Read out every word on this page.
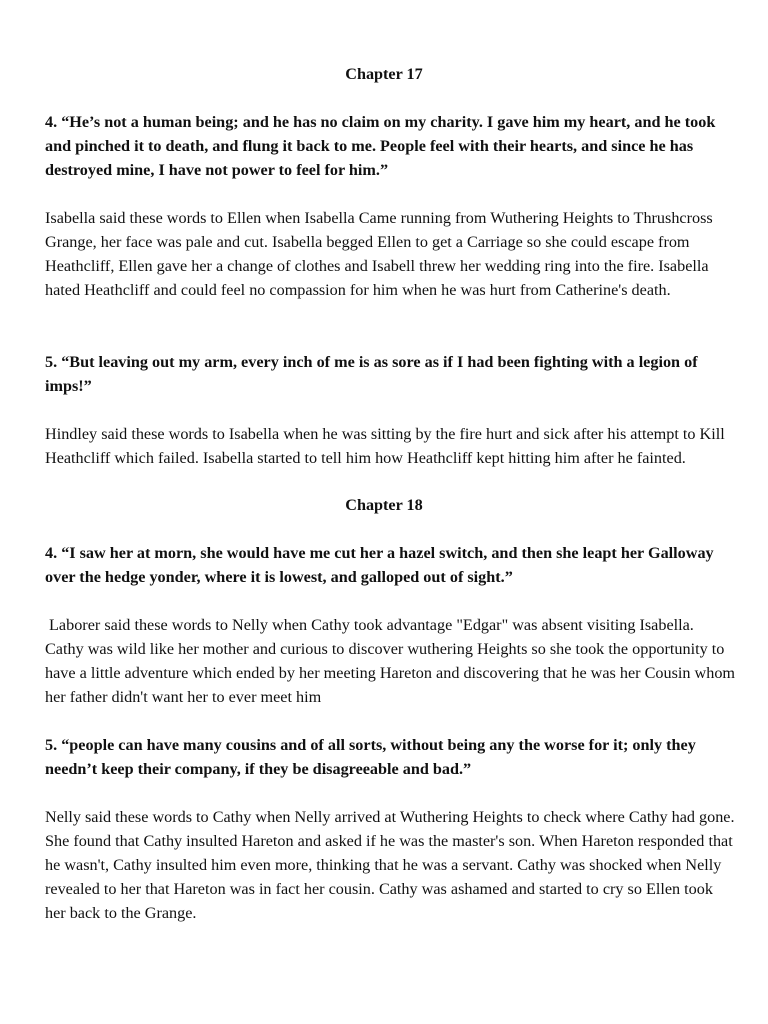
Chapter 17

4. “He’s not a human being; and he has no claim on my charity. I gave him my heart, and he took and pinched it to death, and flung it back to me. People feel with their hearts, and since he has destroyed mine, I have not power to feel for him.”

Isabella said these words to Ellen when Isabella Came running from Wuthering Heights to Thrushcross Grange, her face was pale and cut. Isabella begged Ellen to get a Carriage so she could escape from Heathcliff, Ellen gave her a change of clothes and Isabell threw her wedding ring into the fire. Isabella hated Heathcliff and could feel no compassion for him when he was hurt from Catherine's death.

5. “But leaving out my arm, every inch of me is as sore as if I had been fighting with a legion of imps!”

Hindley said these words to Isabella when he was sitting by the fire hurt and sick after his attempt to Kill Heathcliff which failed. Isabella started to tell him how Heathcliff kept hitting him after he fainted.

Chapter 18

4. “I saw her at morn, she would have me cut her a hazel switch, and then she leapt her Galloway over the hedge yonder, where it is lowest, and galloped out of sight.”

Laborer said these words to Nelly when Cathy took advantage "Edgar" was absent visiting Isabella. Cathy was wild like her mother and curious to discover wuthering Heights so she took the opportunity to have a little adventure which ended by her meeting Hareton and discovering that he was her Cousin whom her father didn't want her to ever meet him

5. “people can have many cousins and of all sorts, without being any the worse for it; only they needn’t keep their company, if they be disagreeable and bad.”

Nelly said these words to Cathy when Nelly arrived at Wuthering Heights to check where Cathy had gone. She found that Cathy insulted Hareton and asked if he was the master's son. When Hareton responded that he wasn't, Cathy insulted him even more, thinking that he was a servant. Cathy was shocked when Nelly revealed to her that Hareton was in fact her cousin. Cathy was ashamed and started to cry so Ellen took her back to the Grange.
